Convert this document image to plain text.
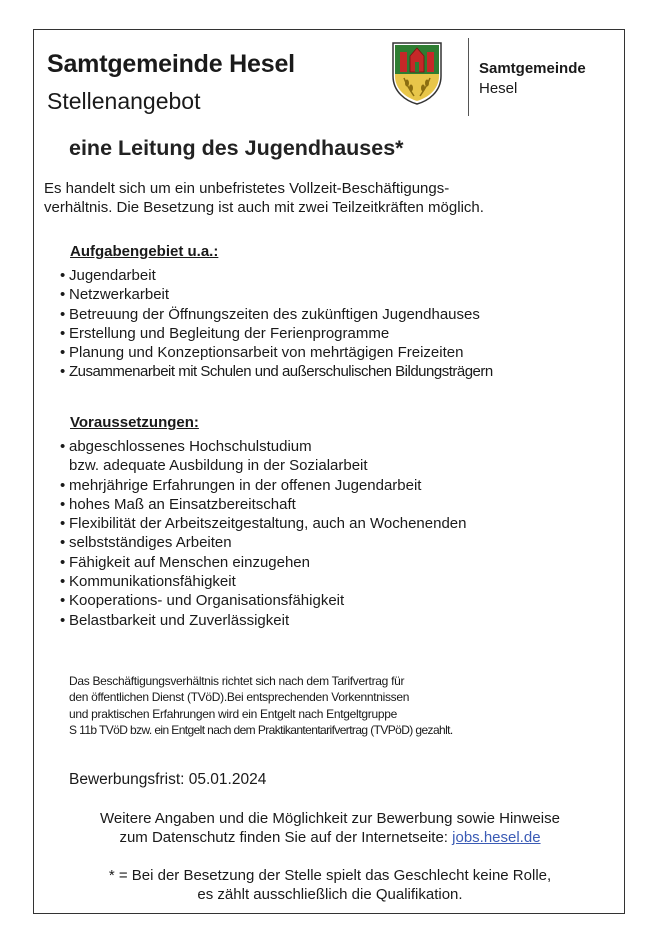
Samtgemeinde Hesel
Stellenangebot
Samtgemeinde
Hesel
eine Leitung des Jugendhauses*
Es handelt sich um ein unbefristetes Vollzeit-Beschäftigungs-
verhältnis. Die Besetzung ist auch mit zwei Teilzeitkräften möglich.
Aufgabengebiet u.a.:
• Jugendarbeit
• Netzwerkarbeit
• Betreuung der Öffnungszeiten des zukünftigen Jugendhauses
• Erstellung und Begleitung der Ferienprogramme
• Planung und Konzeptionsarbeit von mehrtägigen Freizeiten
• Zusammenarbeit mit Schulen und außerschulischen Bildungsträgern
Voraussetzungen:
• abgeschlossenes Hochschulstudium
bzw. adequate Ausbildung in der Sozialarbeit
• mehrjährige Erfahrungen in der offenen Jugendarbeit
• hohes Maß an Einsatzbereitschaft
• Flexibilität der Arbeitszeitgestaltung, auch an Wochenenden
• selbstständiges Arbeiten
• Fähigkeit auf Menschen einzugehen
• Kommunikationsfähigkeit
• Kooperations- und Organisationsfähigkeit
• Belastbarkeit und Zuverlässigkeit
Das Beschäftigungsverhältnis richtet sich nach dem Tarifvertrag für
den öffentlichen Dienst (TVöD).Bei entsprechenden Vorkenntnissen
und praktischen Erfahrungen wird ein Entgelt nach Entgeltgruppe
S 11b TVöD bzw. ein Entgelt nach dem Praktikantentarifvertrag (TVPöD) gezahlt.
Bewerbungsfrist: 05.01.2024
Weitere Angaben und die Möglichkeit zur Bewerbung sowie Hinweise
zum Datenschutz finden Sie auf der Internetseite: jobs.hesel.de
* = Bei der Besetzung der Stelle spielt das Geschlecht keine Rolle,
es zählt ausschließlich die Qualifikation.
